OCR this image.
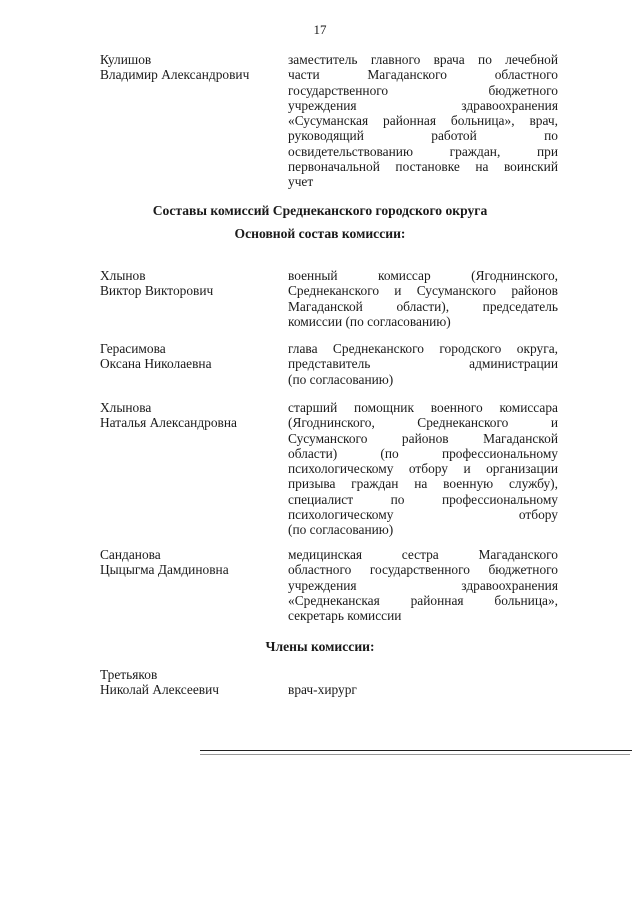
17
Кулишов
Владимир Александрович
заместитель главного врача по лечебной
части Магаданского областного
государственного бюджетного
учреждения здравоохранения
«Сусуманская районная больница», врач,
руководящий работой по
освидетельствованию граждан, при
первоначальной постановке на воинский
учет
Составы комиссий Среднеканского городского округа
Основной состав комиссии:
Хлынов
Виктор Викторович
военный комиссар (Ягоднинского,
Среднеканского и Сусуманского районов
Магаданской области), председатель
комиссии (по согласованию)
Герасимова
Оксана Николаевна
глава Среднеканского городского округа,
представитель администрации
(по согласованию)
Хлынова
Наталья Александровна
старший помощник военного комиссара
(Ягоднинского, Среднеканского и
Сусуманского районов Магаданской
области) (по профессиональному
психологическому отбору и организации
призыва граждан на военную службу),
специалист по профессиональному
психологическому отбору
(по согласованию)
Санданова
Цыцыгма Дамдиновна
медицинская сестра Магаданского
областного государственного бюджетного
учреждения здравоохранения
«Среднеканская районная больница»,
секретарь комиссии
Члены комиссии:
Третьяков
Николай Алексеевич	врач-хирург
